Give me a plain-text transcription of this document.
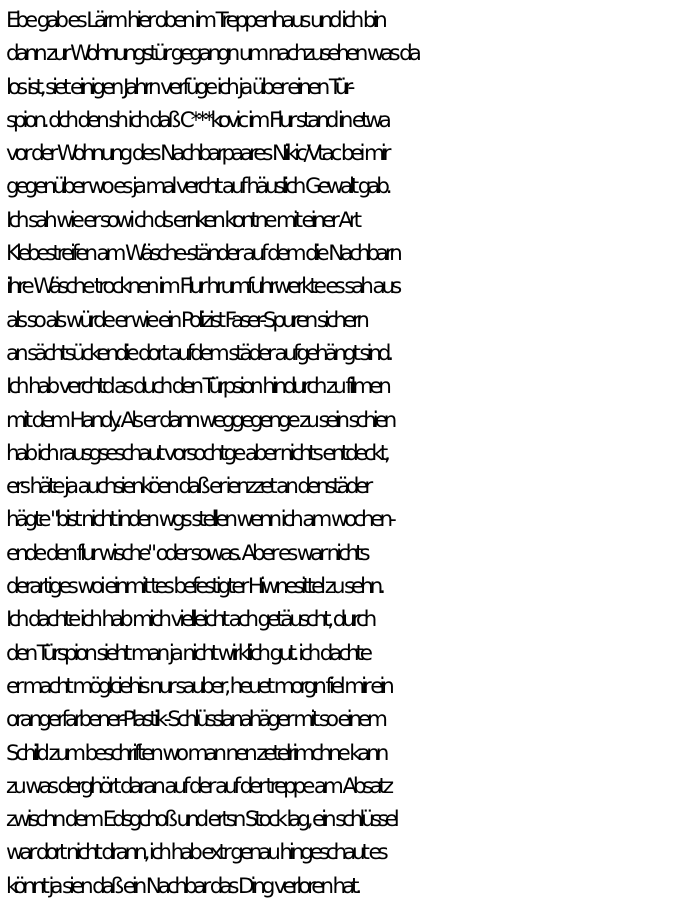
Ebe gab es Lärm hier oben im Treppenhaus und ich bin
dann zur Wohnungstür gegangn um nachzusehen was da
los ist, siet einigen Jahrn verfüge ich ja über einen Tür-
spion. dch den sh ich daß C***kovic im Flur stand in etwa
vor der Wohnung des Nachbarpaares Nikic/Vtac bei mir
gegenüber wo es ja mal vercht auf häuslich Gewalt gab.
Ich sah wie er sowi ch ds ernken kontne mit einer Art
Klebestreifen am Wäsche-ständer auf dem die Nachbarn
ihre Wäsche trocknen im Flur hrumfuhrwerkte es sah aus
als so als würde er wie ein Polizist Faser-Spuren sichern
an sächtsückendie dort aufdem städer aufgehängt sind.
Ich hab verchtd as duch den Türpsion hindurch zu filmen
mit dem Handy. Als er dann weggegenge zu sein schien
hab ich rausgseschaut vorsochtge aber nichts entdeckt,
ers häte ja auchsienköen daß er ienzzet an denstäder
hägte "bist nicht inden wgs stellen wenn ich am wochen-
ende den flur wische" oder sowas. Aber es war nichts
derartiges woi einmit tes befestigter Hiwnesittel zu sehn.
Ich dachte ich hab mich vielleicht ach getäuscht, durch
den Türspion sieht man ja nicht wirklich gut. ich dachte
er macht möglciehis nur sauber, heuet morgn fiel mir ein
orangerfarbener-Plastik-Schlüsslanahäger mit so einem
Schild zum beschriften wo man nen zetelrimchne kann
zu was derghört daran auf der auf der treppe am Absatz
zwischn dem Edsgchoß und ertsn Stock lag, ein schlüssel
war dort nicht drann, ich hab extr genau hingeschaut es
könnt ja sien daß ein Nachbar das Ding verloren hat.
